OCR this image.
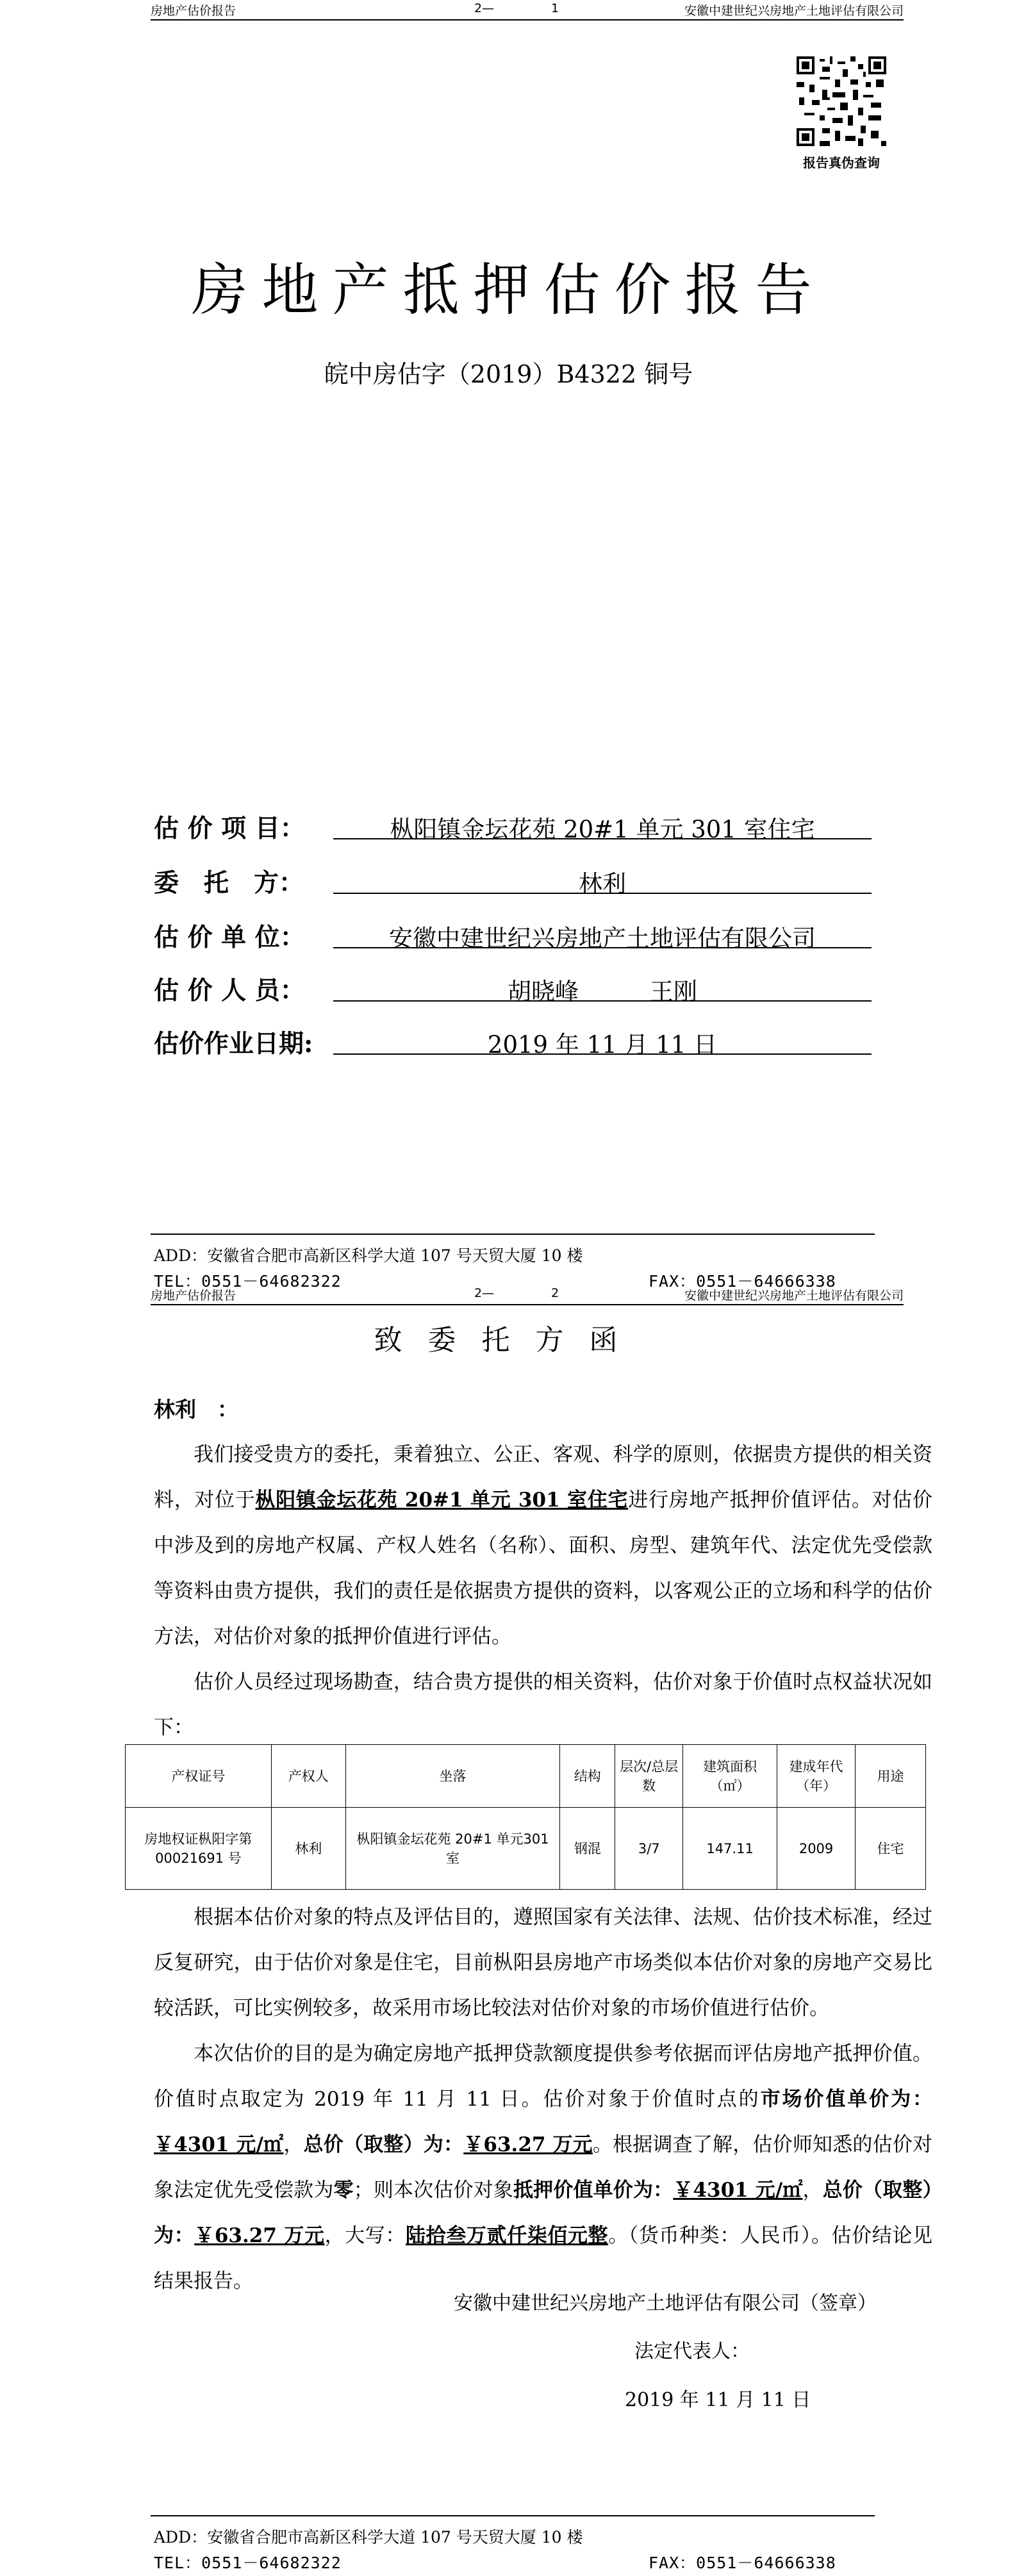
房地产估价报告	2—	1	安徽中建世纪兴房地产土地评估有限公司
报告真伪查询
房地产抵押估价报告
皖中房估字（2019）B4322 铜号
估 价 项 目：	枞阳镇金坛花苑 20#1 单元 301 室住宅
委　托　方：	林利
估 价 单 位：	安徽中建世纪兴房地产土地评估有限公司
估 价 人 员：	胡晓峰　　　王刚
估价作业日期:	2019 年 11 月 11 日
ADD：安徽省合肥市高新区科学大道 107 号天贸大厦 10 楼
TEL：0551－64682322	FAX：0551－64666338
房地产估价报告	2—	2	安徽中建世纪兴房地产土地评估有限公司
致委托方函
林利　：
我们接受贵方的委托，秉着独立、公正、客观、科学的原则，依据贵方提供的相关资料，对位于枞阳镇金坛花苑 20#1 单元 301 室住宅进行房地产抵押价值评估。对估价中涉及到的房地产权属、产权人姓名（名称）、面积、房型、建筑年代、法定优先受偿款等资料由贵方提供，我们的责任是依据贵方提供的资料，以客观公正的立场和科学的估价方法，对估价对象的抵押价值进行评估。
估价人员经过现场勘查，结合贵方提供的相关资料，估价对象于价值时点权益状况如下：
产权证号	产权人	坐落	结构	层次/总层数	建筑面积（㎡）	建成年代（年）	用途
房地权证枞阳字第00021691 号	林利	枞阳镇金坛花苑 20#1 单元301 室	钢混	3/7	147.11	2009	住宅
根据本估价对象的特点及评估目的，遵照国家有关法律、法规、估价技术标准，经过反复研究，由于估价对象是住宅，目前枞阳县房地产市场类似本估价对象的房地产交易比较活跃，可比实例较多，故采用市场比较法对估价对象的市场价值进行估价。
本次估价的目的是为确定房地产抵押贷款额度提供参考依据而评估房地产抵押价值。价值时点取定为 2019 年 11 月 11 日。估价对象于价值时点的市场价值单价为：￥4301 元/㎡，总价（取整）为：￥63.27 万元。根据调查了解，估价师知悉的估价对象法定优先受偿款为零；则本次估价对象抵押价值单价为：￥4301 元/㎡，总价（取整）为：￥63.27 万元，大写：陆拾叁万贰仟柒佰元整。（货币种类：人民币）。估价结论见结果报告。
安徽中建世纪兴房地产土地评估有限公司（签章）
法定代表人：
2019 年 11 月 11 日
ADD：安徽省合肥市高新区科学大道 107 号天贸大厦 10 楼
TEL：0551－64682322	FAX：0551－64666338
